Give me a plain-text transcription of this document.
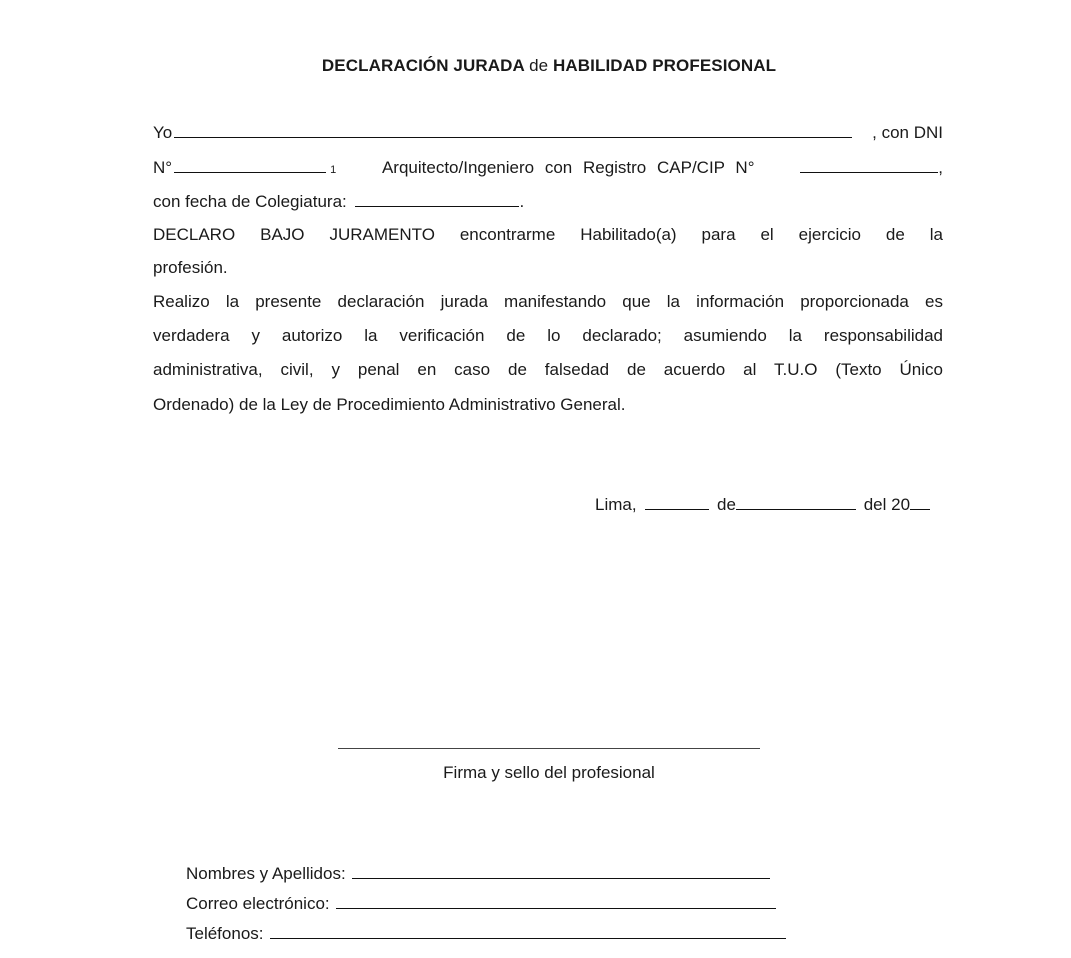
DECLARACIÓN JURADA de HABILIDAD PROFESIONAL
Yo	, con DNI
N°	1	Arquitecto/Ingeniero con Registro CAP/CIP N°	,
con fecha de Colegiatura:	.
DECLARO BAJO JURAMENTO encontrarme Habilitado(a) para el ejercicio de la
profesión.
Realizo la presente declaración jurada manifestando que la información proporcionada es
verdadera y autorizo la verificación de lo declarado; asumiendo la responsabilidad
administrativa, civil, y penal en caso de falsedad de acuerdo al T.U.O (Texto Único
Ordenado) de la Ley de Procedimiento Administrativo General.
Lima,	de	del 20
Firma y sello del profesional
Nombres y Apellidos:
Correo electrónico:
Teléfonos:
